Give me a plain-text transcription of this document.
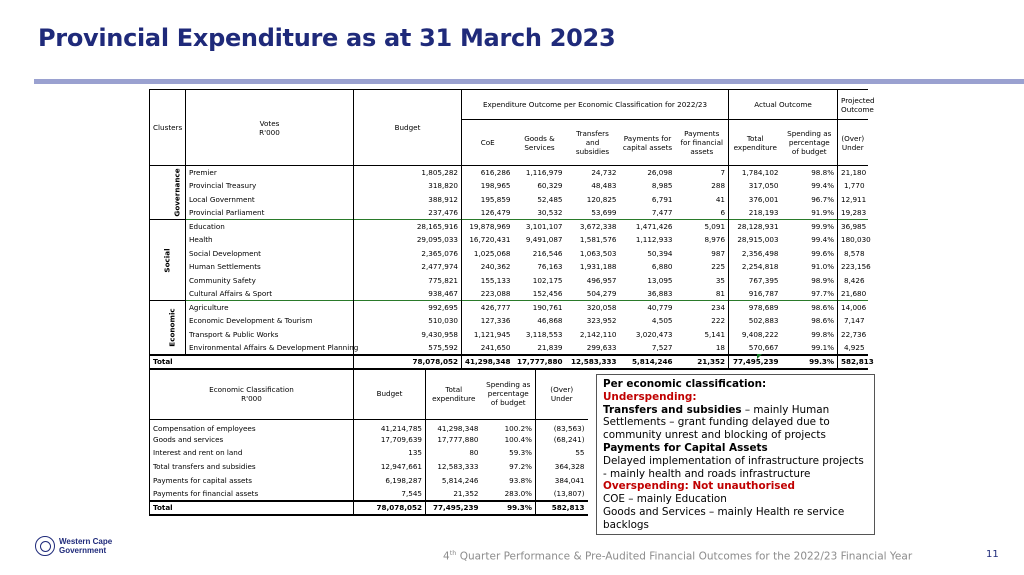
Provincial Expenditure as at 31 March 2023
Clusters	Votes
R'000	Budget	Expenditure Outcome per Economic Classification for 2022/23					Actual Outcome		Projected Outcome
			CoE	Goods & Services	Transfers and subsidies	Payments for capital assets	Payments for financial assets	Total expenditure	Spending as percentage of budget	(Over) Under
Governance	Premier	1,805,282	616,286	1,116,979	24,732	26,098	7	1,784,102	98.8%	21,180
	Provincial Treasury	318,820	198,965	60,329	48,483	8,985	288	317,050	99.4%	1,770
	Local Government	388,912	195,859	52,485	120,825	6,791	41	376,001	96.7%	12,911
	Provincial Parliament	237,476	126,479	30,532	53,699	7,477	6	218,193	91.9%	19,283
Social	Education	28,165,916	19,878,969	3,101,107	3,672,338	1,471,426	5,091	28,128,931	99.9%	36,985
	Health	29,095,033	16,720,431	9,491,087	1,581,576	1,112,933	8,976	28,915,003	99.4%	180,030
	Social Development	2,365,076	1,025,068	216,546	1,063,503	50,394	987	2,356,498	99.6%	8,578
	Human Settlements	2,477,974	240,362	76,163	1,931,188	6,880	225	2,254,818	91.0%	223,156
	Community Safety	775,821	155,133	102,175	496,957	13,095	35	767,395	98.9%	8,426
	Cultural Affairs & Sport	938,467	223,088	152,456	504,279	36,883	81	916,787	97.7%	21,680
Economic	Agriculture	992,695	426,777	190,761	320,058	40,779	234	978,689	98.6%	14,006
	Economic Development & Tourism	510,030	127,336	46,868	323,952	4,505	222	502,883	98.6%	7,147
	Transport & Public Works	9,430,958	1,121,945	3,118,553	2,142,110	3,020,473	5,141	9,408,222	99.8%	22,736
	Environmental Affairs & Development Planning	575,592	241,650	21,839	299,633	7,527	18	570,667	99.1%	4,925
Total		78,078,052	41,298,348	17,777,880	12,583,333	5,814,246	21,352	77,495,239	99.3%	582,813
Economic Classification
R'000	Budget	Total expenditure	Spending as percentage of budget	(Over) Under
Compensation of employees	41,214,785	41,298,348	100.2%	(83,563)
Goods and services	17,709,639	17,777,880	100.4%	(68,241)
Interest and rent on land	135	80	59.3%	55
Total transfers and subsidies	12,947,661	12,583,333	97.2%	364,328
Payments for capital assets	6,198,287	5,814,246	93.8%	384,041
Payments for financial assets	7,545	21,352	283.0%	(13,807)
Total	78,078,052	77,495,239	99.3%	582,813
Per economic classification:
Underspending:
Transfers and subsidies – mainly Human Settlements – grant funding delayed due to community unrest and blocking of projects
Payments for Capital Assets
Delayed implementation of infrastructure projects - mainly health and roads infrastructure
Overspending: Not unauthorised
COE – mainly Education
Goods and Services – mainly Health re service backlogs
Western Cape
Government	4th Quarter Performance & Pre-Audited Financial Outcomes for the 2022/23 Financial Year	11
